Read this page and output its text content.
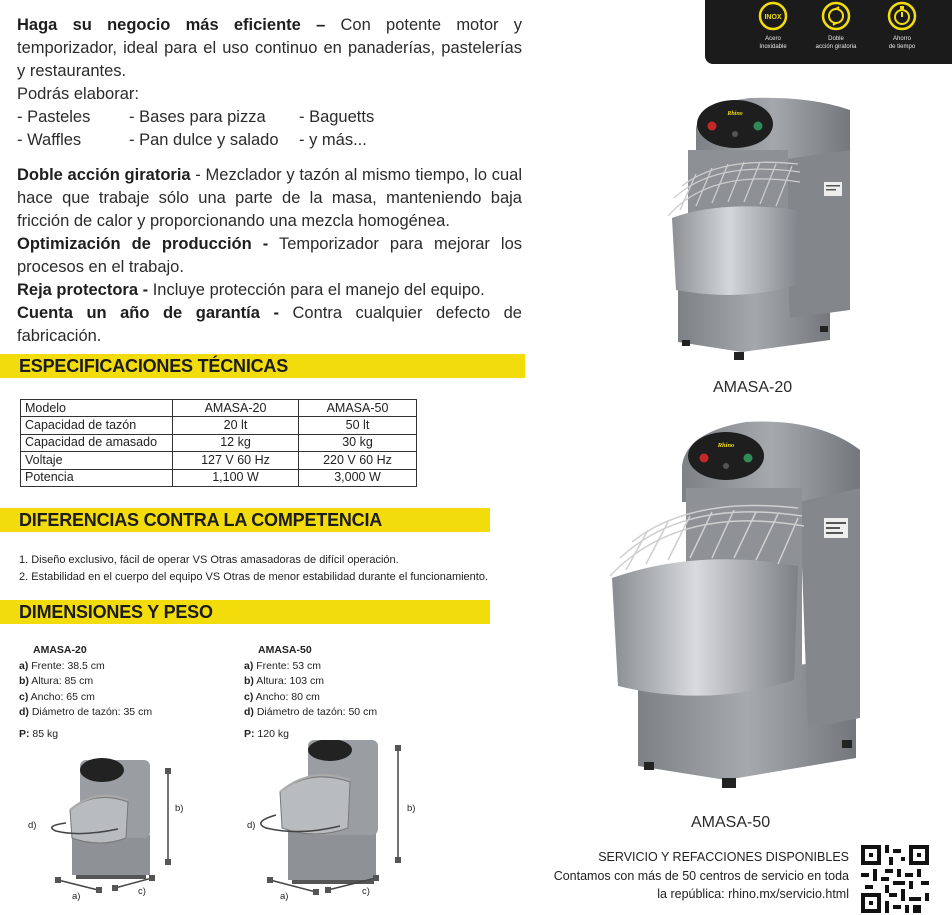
Haga su negocio más eficiente – Con potente motor y temporizador, ideal para el uso continuo en panaderías, pastelerías y restaurantes.
Podrás elaborar:
- Pasteles	- Bases para pizza	- Baguetts
- Waffles	- Pan dulce y salado	- y más...
Doble acción giratoria - Mezclador y tazón al mismo tiempo, lo cual hace que trabaje sólo una parte de la masa, manteniendo baja fricción de calor y proporcionando una mezcla homogénea.
Optimización de producción - Temporizador para mejorar los procesos en el trabajo.
Reja protectora - Incluye protección para el manejo del equipo.
Cuenta un año de garantía - Contra cualquier defecto de fabricación.
ESPECIFICACIONES TÉCNICAS
DIFERENCIAS CONTRA LA COMPETENCIA
DIMENSIONES Y PESO
Modelo	AMASA-20	AMASA-50
Capacidad de tazón	20 lt	50 lt
Capacidad de amasado	12 kg	30 kg
Voltaje	127 V 60 Hz	220 V 60 Hz
Potencia	1,100 W	3,000 W
1. Diseño exclusivo, fácil de operar VS Otras amasadoras de difícil operación.
2. Estabilidad en el cuerpo del equipo VS Otras de menor estabilidad durante el funcionamiento.
AMASA-20
a) Frente: 38.5 cm
b) Altura: 85 cm
c) Ancho: 65 cm
d) Diámetro de tazón: 35 cm
P: 85 kg
AMASA-50
a) Frente: 53 cm
b) Altura: 103 cm
c) Ancho: 80 cm
d) Diámetro de tazón: 50 cm
P: 120 kg
d)
b)
a)	c)
d)
b)
a)	c)
INOX
Acero
Inoxidable
Doble
acción giratoria
Ahorro
de tiempo
Rhino
AMASA-20
Rhino
AMASA-50
SERVICIO Y REFACCIONES DISPONIBLES
Contamos con más de 50 centros de servicio en toda
la república: rhino.mx/servicio.html
